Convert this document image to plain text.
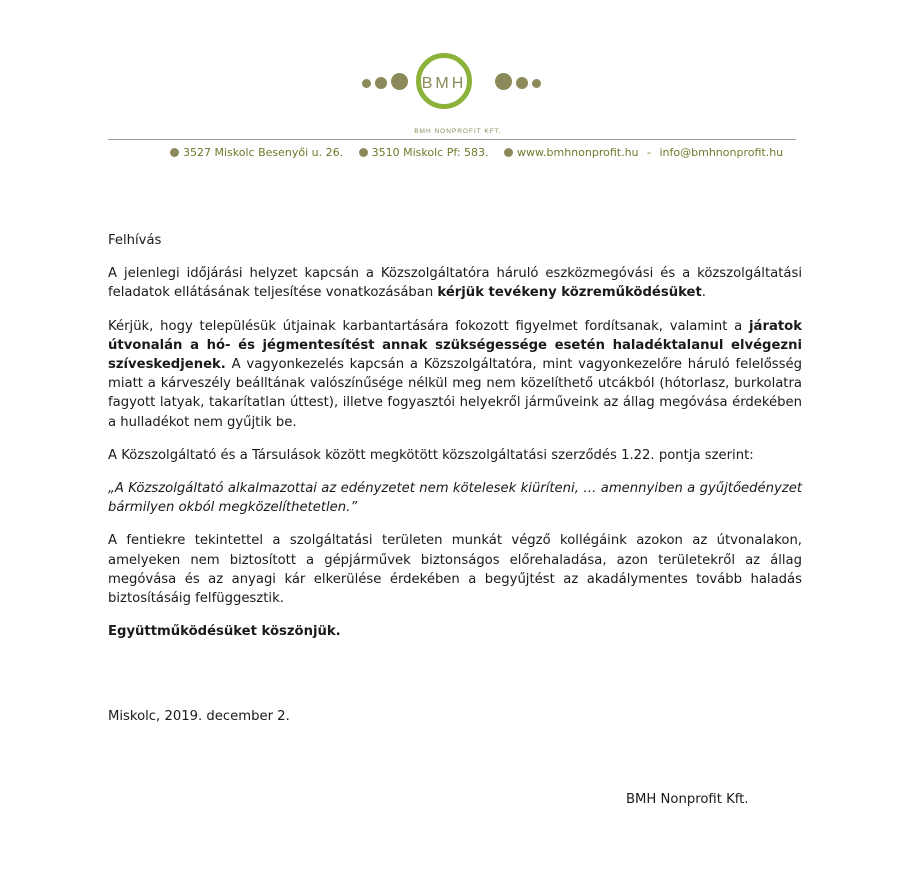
BMH
BMH NONPROFIT KFT.
3527 Miskolc Besenyői u. 26.	3510 Miskolc Pf: 583.	www.bmhnonprofit.hu - info@bmhnonprofit.hu

Felhívás

A jelenlegi időjárási helyzet kapcsán a Közszolgáltatóra háruló eszközmegóvási és a közszolgáltatási feladatok ellátásának teljesítése vonatkozásában kérjük tevékeny közreműködésüket.

Kérjük, hogy településük útjainak karbantartására fokozott figyelmet fordítsanak, valamint a járatok útvonalán a hó- és jégmentesítést annak szükségessége esetén haladéktalanul elvégezni szíveskedjenek. A vagyonkezelés kapcsán a Közszolgáltatóra, mint vagyonkezelőre háruló felelősség miatt a kárveszély beálltának valószínűsége nélkül meg nem közelíthető utcákból (hótorlasz, burkolatra fagyott latyak, takarítatlan úttest), illetve fogyasztói helyekről járműveink az állag megóvása érdekében a hulladékot nem gyűjtik be.

A Közszolgáltató és a Társulások között megkötött közszolgáltatási szerződés 1.22. pontja szerint:

„A Közszolgáltató alkalmazottai az edényzetet nem kötelesek kiüríteni, … amennyiben a gyűjtőedényzet bármilyen okból megközelíthetetlen.”

A fentiekre tekintettel a szolgáltatási területen munkát végző kollégáink azokon az útvonalakon, amelyeken nem biztosított a gépjárművek biztonságos előrehaladása, azon területekről az állag megóvása és az anyagi kár elkerülése érdekében a begyűjtést az akadálymentes tovább haladás biztosításáig felfüggesztik.

Együttműködésüket köszönjük.

Miskolc, 2019. december 2.
BMH Nonprofit Kft.
